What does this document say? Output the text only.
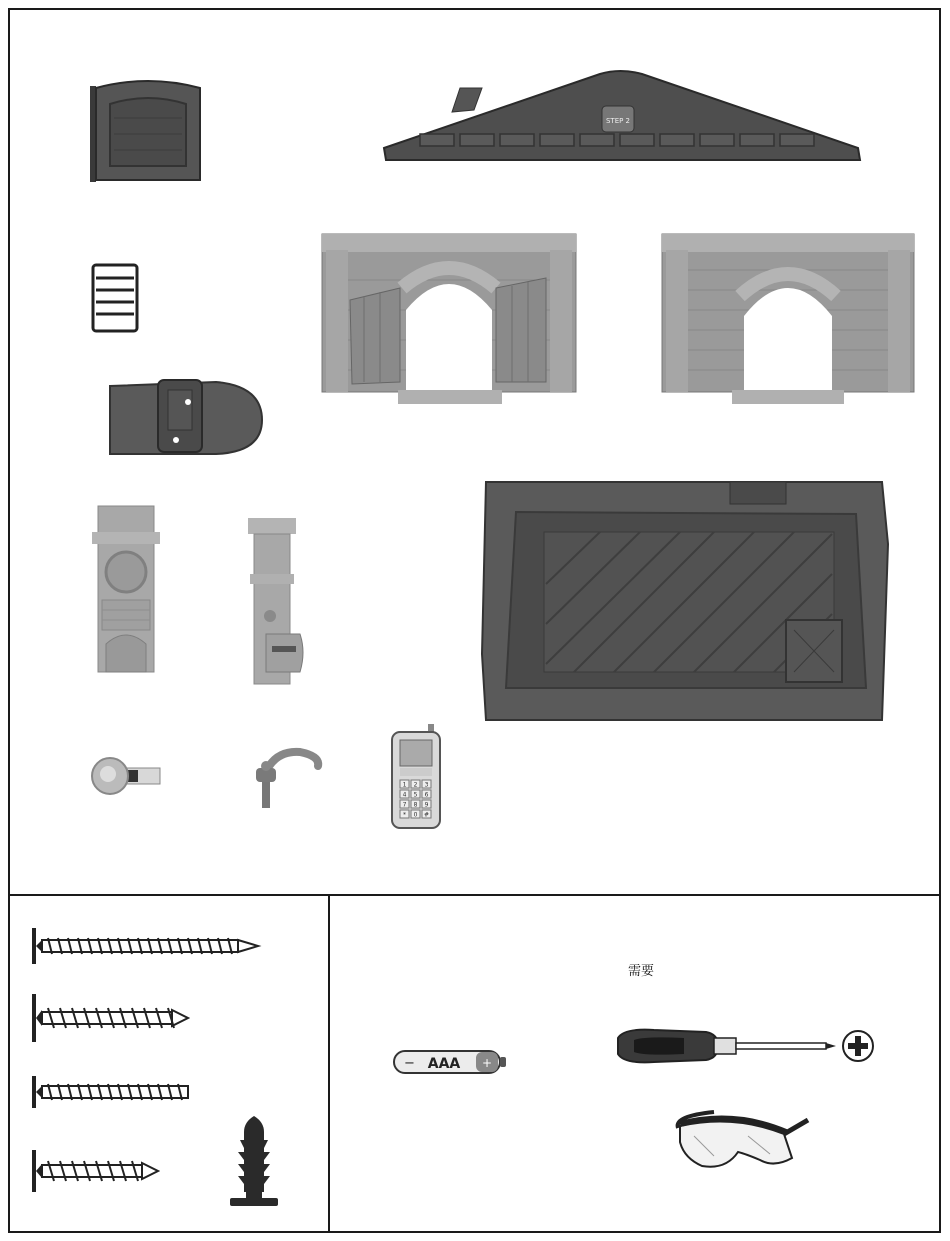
STEP 2
1 2 3
4 5 6
7 8 9
* 0 #
需要
− AAA +
